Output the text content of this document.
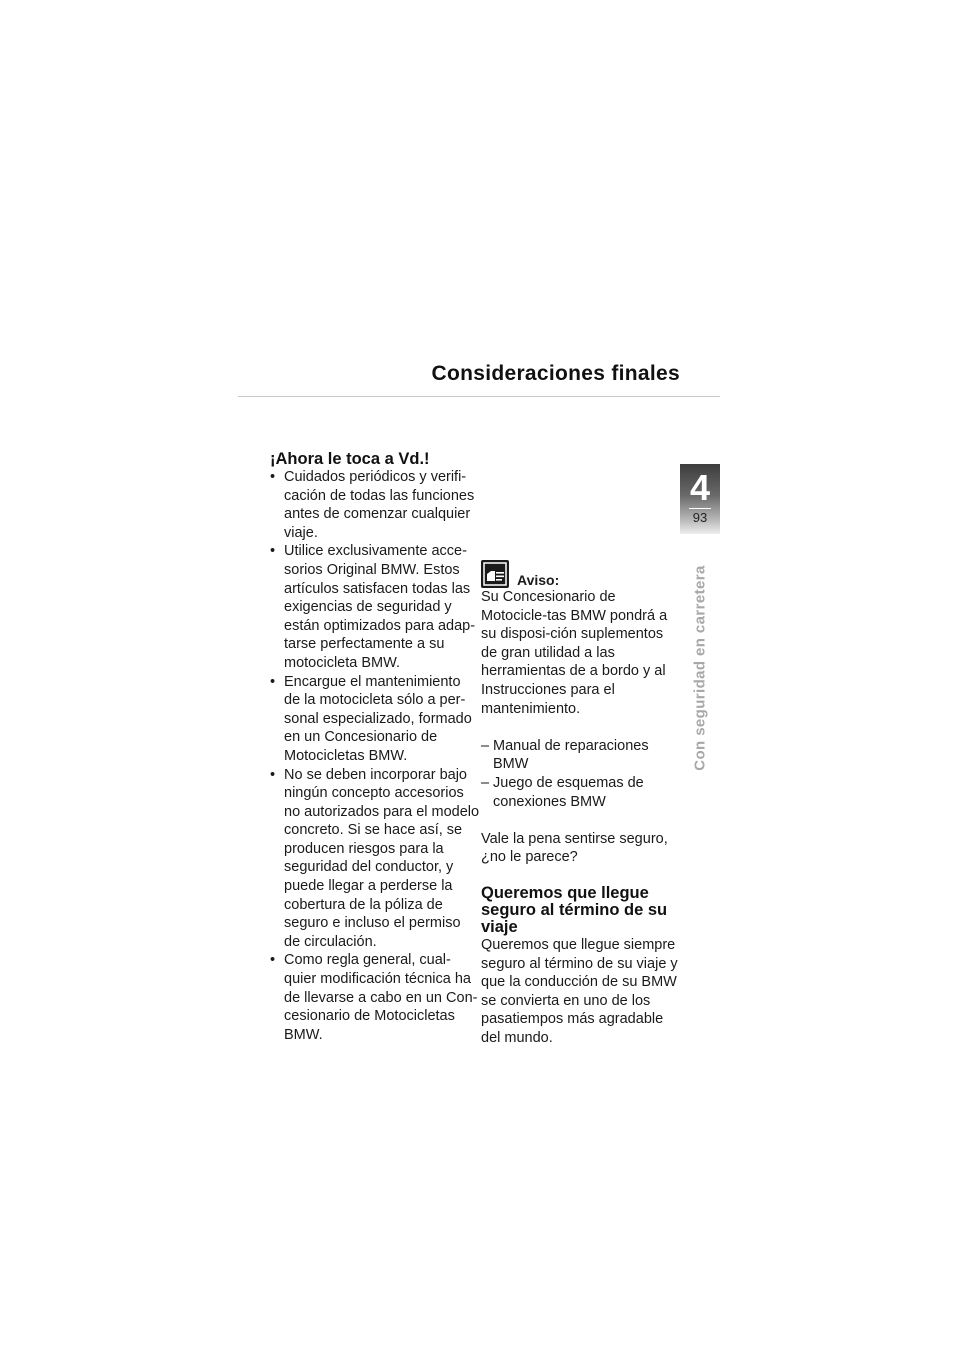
Consideraciones finales
4
93
Con seguridad en carretera
¡Ahora le toca a Vd.!
• Cuidados periódicos y verifi-cación de todas las funciones antes de comenzar cualquier viaje.
• Utilice exclusivamente acce-sorios Original BMW. Estos artículos satisfacen todas las exigencias de seguridad y están optimizados para adap-tarse perfectamente a su motocicleta BMW.
• Encargue el mantenimiento de la motocicleta sólo a per-sonal especializado, formado en un Concesionario de Motocicletas BMW.
• No se deben incorporar bajo ningún concepto accesorios no autorizados para el modelo concreto. Si se hace así, se producen riesgos para la seguridad del conductor, y puede llegar a perderse la cobertura de la póliza de seguro e incluso el permiso de circulación.
• Como regla general, cual-quier modificación técnica ha de llevarse a cabo en un Con-cesionario de Motocicletas BMW.
Aviso:

Su Concesionario de Motocicle-tas BMW pondrá a su disposi-ción suplementos de gran utilidad a las herramientas de a bordo y al Instrucciones para el mantenimiento.

– Manual de reparaciones BMW
– Juego de esquemas de conexiones BMW

Vale la pena sentirse seguro, ¿no le parece?

Queremos que llegue seguro al término de su viaje

Queremos que llegue siempre seguro al término de su viaje y que la conducción de su BMW se convierta en uno de los pasatiempos más agradable del mundo.
